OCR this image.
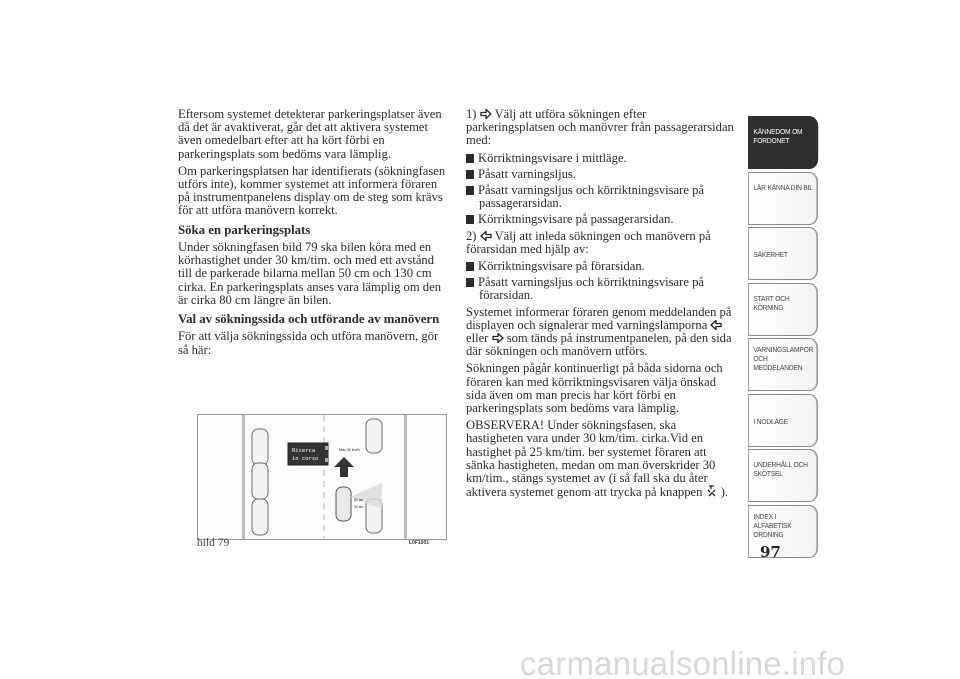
Eftersom systemet detekterar parkeringsplatser även då det är avaktiverat, går det att aktivera systemet även omedelbart efter att ha kört förbi en parkeringsplats som bedöms vara lämplig.

Om parkeringsplatsen har identifierats (sökningfasen utförs inte), kommer systemet att informera föraren på instrumentpanelens display om de steg som krävs för att utföra manövern korrekt.

Söka en parkeringsplats

Under sökningfasen bild 79 ska bilen köra med en körhastighet under 30 km/tim. och med ett avstånd till de parkerade bilarna mellan 50 cm och 130 cm cirka. En parkeringsplats anses vara lämplig om den är cirka 80 cm längre än bilen.

Val av sökningssida och utförande av manövern

För att välja sökningssida och utföra manövern, gör så här:

Ricerca
in corso
Max 30 km/h
50 cm
30 cm
bild 79	L0F1001

1) Välj att utföra sökningen efter parkeringsplatsen och manövrer från passagerarsidan med:

Körriktningsvisare i mittläge.
Påsatt varningsljus.
Påsatt varningsljus och körriktningsvisare på passagerarsidan.
Körriktningsvisare på passagerarsidan.

2) Välj att inleda sökningen och manövern på förarsidan med hjälp av:

Körriktningsvisare på förarsidan.
Påsatt varningsljus och körriktningsvisare på förarsidan.

Systemet informerar föraren genom meddelanden på displayen och signalerar med varningslamporna  eller som tänds på instrumentpanelen, på den sida där sökningen och manövern utförs.

Sökningen pågår kontinuerligt på båda sidorna och föraren kan med körriktningsvisaren välja önskad sida även om man precis har kört förbi en parkeringsplats som bedöms vara lämplig.

OBSERVERA! Under sökningsfasen, ska hastigheten vara under 30 km/tim. cirka.Vid en hastighet på 25 km/tim. ber systemet föraren att sänka hastigheten, medan om man överskrider 30 km/tim., stängs systemet av (i så fall ska du åter aktivera systemet genom att trycka på knappen ).

KÄNNEDOM OM FORDONET
LÄR KÄNNA DIN BIL
SÄKERHET
START OCH KÖRNING
VARNINGSLAMPOR OCH MEDDELANDEN
I NÖDLÄGE
UNDERHÅLL OCH SKÖTSEL
INDEX I ALFABETISK ORDNING
97
carmanualsonline.info
